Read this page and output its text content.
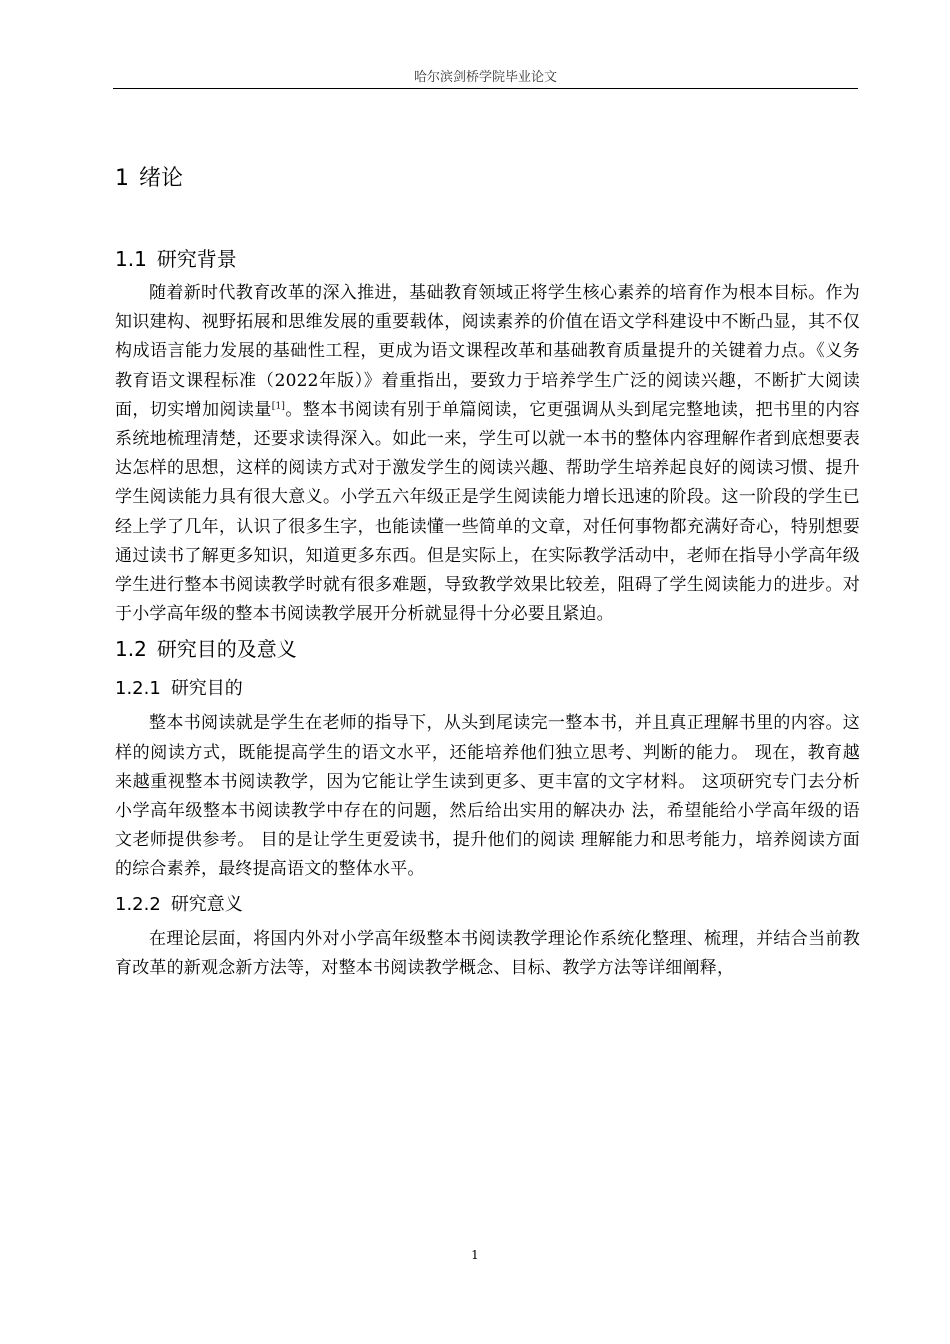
哈尔滨剑桥学院毕业论文
1 绪论
1.1 研究背景

随着新时代教育改革的深入推进，基础教育领域正将学生核心素养的培育作为根本目标。作为知识建构、视野拓展和思维发展的重要载体，阅读素养的价值在语文学科建设中不断凸显，其不仅构成语言能力发展的基础性工程，更成为语文课程改革和基础教育质量提升的关键着力点。《义务教育语文课程标准（2022年版）》着重指出，要致力于培养学生广泛的阅读兴趣，不断扩大阅读面，切实增加阅读量[1]。整本书阅读有别于单篇阅读，它更强调从头到尾完整地读，把书里的内容系统地梳理清楚，还要求读得深入。如此一来，学生可以就一本书的整体内容理解作者到底想要表达怎样的思想，这样的阅读方式对于激发学生的阅读兴趣、帮助学生培养起良好的阅读习惯、提升学生阅读能力具有很大意义。小学五六年级正是学生阅读能力增长迅速的阶段。这一阶段的学生已经上学了几年，认识了很多生字，也能读懂一些简单的文章，对任何事物都充满好奇心，特别想要通过读书了解更多知识，知道更多东西。但是实际上，在实际教学活动中，老师在指导小学高年级学生进行整本书阅读教学时就有很多难题，导致教学效果比较差，阻碍了学生阅读能力的进步。对于小学高年级的整本书阅读教学展开分析就显得十分必要且紧迫。

1.2 研究目的及意义
1.2.1 研究目的

整本书阅读就是学生在老师的指导下，从头到尾读完一整本书，并且真正理解书里的内容。这样的阅读方式，既能提高学生的语文水平，还能培养他们独立思考、判断的能力。 现在，教育越来越重视整本书阅读教学，因为它能让学生读到更多、更丰富的文字材料。 这项研究专门去分析小学高年级整本书阅读教学中存在的问题，然后给出实用的解决办 法，希望能给小学高年级的语文老师提供参考。 目的是让学生更爱读书，提升他们的阅读 理解能力和思考能力，培养阅读方面的综合素养，最终提高语文的整体水平。

1.2.2 研究意义

在理论层面，将国内外对小学高年级整本书阅读教学理论作系统化整理、梳理，并结合当前教育改革的新观念新方法等，对整本书阅读教学概念、目标、教学方法等详细阐释，

1
